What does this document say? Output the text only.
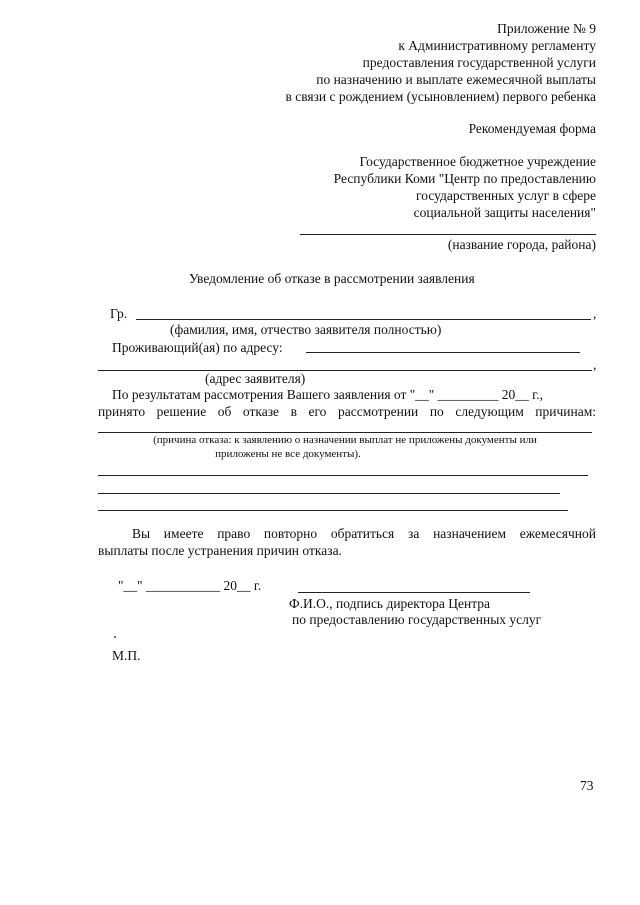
Приложение № 9
к Административному регламенту
предоставления государственной услуги
по назначению и выплате ежемесячной выплаты
в связи с рождением (усыновлением) первого ребенка
Рекомендуемая форма
Государственное бюджетное учреждение
Республики Коми "Центр по предоставлению
государственных услуг в сфере
социальной защиты населения"
(название города, района)
Уведомление об отказе в рассмотрении заявления
Гр.	,
(фамилия, имя, отчество заявителя полностью)
Проживающий(ая) по адресу:
,
(адрес заявителя)
По результатам рассмотрения Вашего заявления от "__" _________ 20__ г.,
принято решение об отказе в его рассмотрении по следующим причинам:
(причина отказа: к заявлению о назначении выплат не приложены документы или
приложены не все документы).
Вы имеете право повторно обратиться за назначением ежемесячной
выплаты после устранения причин отказа.
"__" ___________ 20__ г.
Ф.И.О., подпись директора Центра
по предоставлению государственных услуг
М.П.
73
